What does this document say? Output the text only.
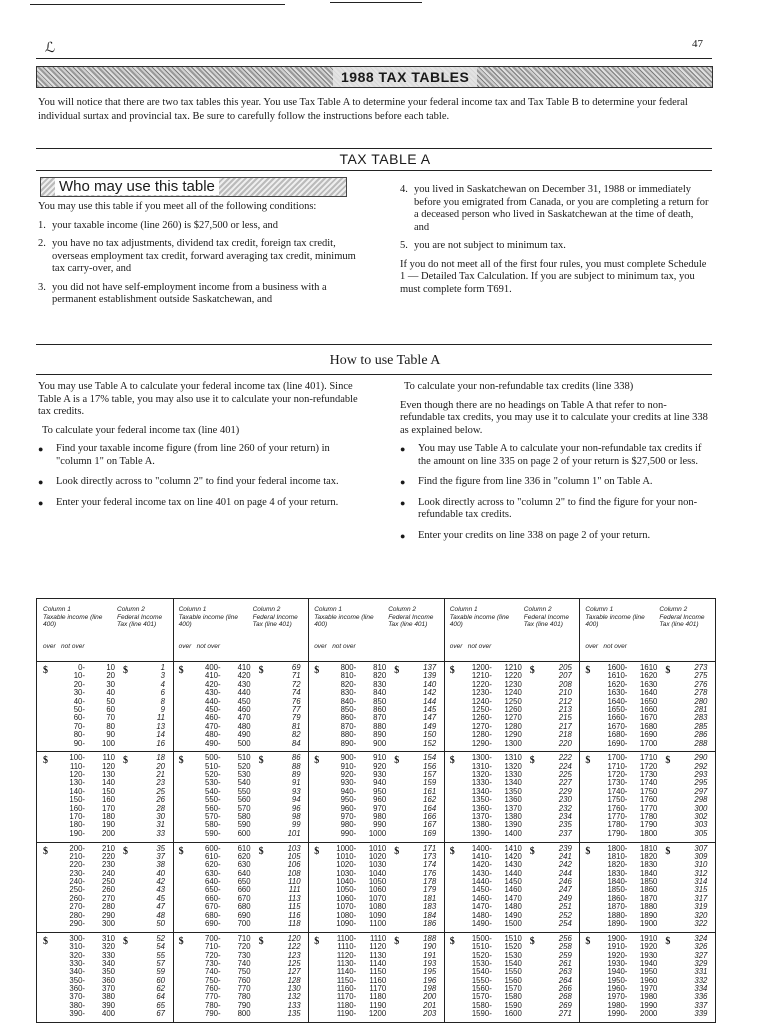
ℒ	47
1988 TAX TABLES
You will notice that there are two tax tables this year. You use Tax Table A to determine your federal income tax and Tax Table B to determine your federal individual surtax and provincial tax. Be sure to carefully follow the instructions before each table.
TAX TABLE A
Who may use this table

You may use this table if you meet all of the following conditions:

1. your taxable income (line 260) is $27,500 or less, and
2. you have no tax adjustments, dividend tax credit, foreign tax credit, overseas employment tax credit, forward averaging tax credit, minimum tax carry-over, and
3. you did not have self-employment income from a business with a permanent establishment outside Saskatchewan, and
4. you lived in Saskatchewan on December 31, 1988 or immediately before you emigrated from Canada, or you are completing a return for a deceased person who lived in Saskatchewan at the time of death, and
5. you are not subject to minimum tax.

If you do not meet all of the first four rules, you must complete Schedule 1 — Detailed Tax Calculation. If you are subject to minimum tax, you must complete form T691.

How to use Table A

You may use Table A to calculate your federal income tax (line 401). Since Table A is a 17% table, you may also use it to calculate your non-refundable tax credits.

To calculate your federal income tax (line 401)

● Find your taxable income figure (from line 260 of your return) in "column 1" on Table A.
● Look directly across to "column 2" to find your federal income tax.
● Enter your federal income tax on line 401 on page 4 of your return.

To calculate your non-refundable tax credits (line 338)

Even though there are no headings on Table A that refer to non-refundable tax credits, you may use it to calculate your credits at line 338 as explained below.

● You may use Table A to calculate your non-refundable tax credits if the amount on line 335 on page 2 of your return is $27,500 or less.
● Find the figure from line 336 in "column 1" on Table A.
● Look directly across to "column 2" to find the figure for your non-refundable tax credits.
● Enter your credits on line 338 on page 2 of your return.
Column 1
Taxable income (line 400)
Column 2
Federal Income Tax (line 401)
over not over
$	$
0-	10	1
10-	20	3
20-	30	4
30-	40	6
40-	50	8
50-	60	9
60-	70	11
70-	80	13
80-	90	14
90-	100	16
$	$
100-	110	18
110-	120	20
120-	130	21
130-	140	23
140-	150	25
150-	160	26
160-	170	28
170-	180	30
180-	190	31
190-	200	33
$	$
200-	210	35
210-	220	37
220-	230	38
230-	240	40
240-	250	42
250-	260	43
260-	270	45
270-	280	47
280-	290	48
290-	300	50
$	$
300-	310	52
310-	320	54
320-	330	55
330-	340	57
340-	350	59
350-	360	60
360-	370	62
370-	380	64
380-	390	65
390-	400	67
Column 1
Taxable income (line 400)
Column 2
Federal Income Tax (line 401)
over not over
$	$
400-	410	69
410-	420	71
420-	430	72
430-	440	74
440-	450	76
450-	460	77
460-	470	79
470-	480	81
480-	490	82
490-	500	84
$	$
500-	510	86
510-	520	88
520-	530	89
530-	540	91
540-	550	93
550-	560	94
560-	570	96
570-	580	98
580-	590	99
590-	600	101
$	$
600-	610	103
610-	620	105
620-	630	106
630-	640	108
640-	650	110
650-	660	111
660-	670	113
670-	680	115
680-	690	116
690-	700	118
$	$
700-	710	120
710-	720	122
720-	730	123
730-	740	125
740-	750	127
750-	760	128
760-	770	130
770-	780	132
780-	790	133
790-	800	135
Column 1
Taxable income (line 400)
Column 2
Federal Income Tax (line 401)
over not over
$	$
800-	810	137
810-	820	139
820-	830	140
830-	840	142
840-	850	144
850-	860	145
860-	870	147
870-	880	149
880-	890	150
890-	900	152
$	$
900-	910	154
910-	920	156
920-	930	157
930-	940	159
940-	950	161
950-	960	162
960-	970	164
970-	980	166
980-	990	167
990-	1000	169
$	$
1000-	1010	171
1010-	1020	173
1020-	1030	174
1030-	1040	176
1040-	1050	178
1050-	1060	179
1060-	1070	181
1070-	1080	183
1080-	1090	184
1090-	1100	186
$	$
1100-	1110	188
1110-	1120	190
1120-	1130	191
1130-	1140	193
1140-	1150	195
1150-	1160	196
1160-	1170	198
1170-	1180	200
1180-	1190	201
1190-	1200	203
Column 1
Taxable income (line 400)
Column 2
Federal Income Tax (line 401)
over not over
$	$
1200-	1210	205
1210-	1220	207
1220-	1230	208
1230-	1240	210
1240-	1250	212
1250-	1260	213
1260-	1270	215
1270-	1280	217
1280-	1290	218
1290-	1300	220
$	$
1300-	1310	222
1310-	1320	224
1320-	1330	225
1330-	1340	227
1340-	1350	229
1350-	1360	230
1360-	1370	232
1370-	1380	234
1380-	1390	235
1390-	1400	237
$	$
1400-	1410	239
1410-	1420	241
1420-	1430	242
1430-	1440	244
1440-	1450	246
1450-	1460	247
1460-	1470	249
1470-	1480	251
1480-	1490	252
1490-	1500	254
$	$
1500-	1510	256
1510-	1520	258
1520-	1530	259
1530-	1540	261
1540-	1550	263
1550-	1560	264
1560-	1570	266
1570-	1580	268
1580-	1590	269
1590-	1600	271
Column 1
Taxable income (line 400)
Column 2
Federal Income Tax (line 401)
over not over
$	$
1600-	1610	273
1610-	1620	275
1620-	1630	276
1630-	1640	278
1640-	1650	280
1650-	1660	281
1660-	1670	283
1670-	1680	285
1680-	1690	286
1690-	1700	288
$	$
1700-	1710	290
1710-	1720	292
1720-	1730	293
1730-	1740	295
1740-	1750	297
1750-	1760	298
1760-	1770	300
1770-	1780	302
1780-	1790	303
1790-	1800	305
$	$
1800-	1810	307
1810-	1820	309
1820-	1830	310
1830-	1840	312
1840-	1850	314
1850-	1860	315
1860-	1870	317
1870-	1880	319
1880-	1890	320
1890-	1900	322
$	$
1900-	1910	324
1910-	1920	326
1920-	1930	327
1930-	1940	329
1940-	1950	331
1950-	1960	332
1960-	1970	334
1970-	1980	336
1980-	1990	337
1990-	2000	339
